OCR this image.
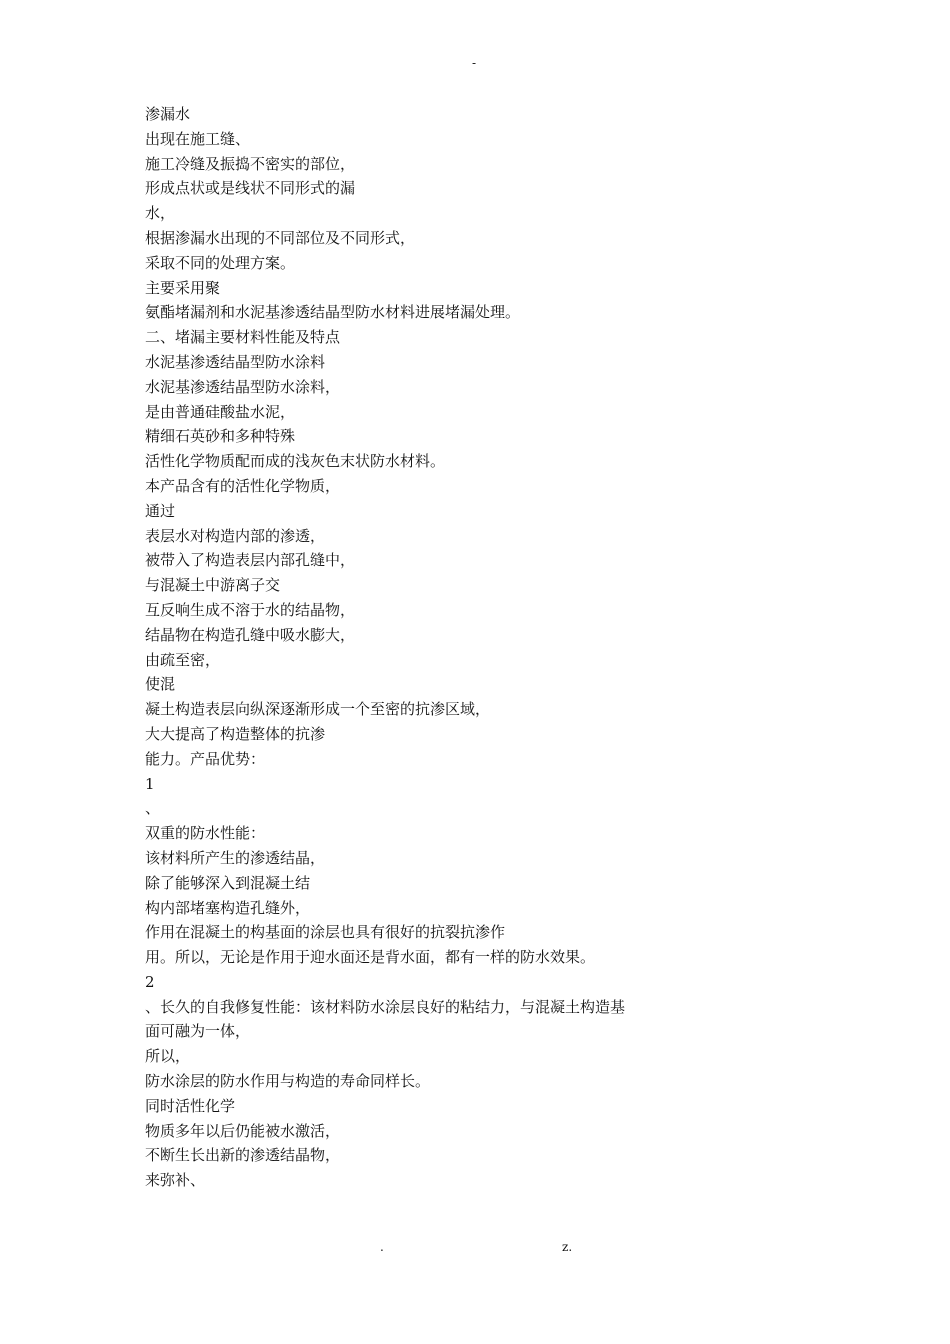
-
渗漏水
出现在施工缝、
施工冷缝及振捣不密实的部位，
形成点状或是线状不同形式的漏
水，
根据渗漏水出现的不同部位及不同形式，
采取不同的处理方案。
主要采用聚
氨酯堵漏剂和水泥基渗透结晶型防水材料进展堵漏处理。
二、堵漏主要材料性能及特点
水泥基渗透结晶型防水涂料
水泥基渗透结晶型防水涂料，
是由普通硅酸盐水泥，
精细石英砂和多种特殊
活性化学物质配而成的浅灰色末状防水材料。
本产品含有的活性化学物质，
通过
表层水对构造内部的渗透，
被带入了构造表层内部孔缝中，
与混凝土中游离子交
互反响生成不溶于水的结晶物，
结晶物在构造孔缝中吸水膨大，
由疏至密，
使混
凝土构造表层向纵深逐渐形成一个至密的抗渗区域，
大大提高了构造整体的抗渗
能力。产品优势：
1
、
双重的防水性能：
该材料所产生的渗透结晶，
除了能够深入到混凝土结
构内部堵塞构造孔缝外，
作用在混凝土的构基面的涂层也具有很好的抗裂抗渗作
用。所以，无论是作用于迎水面还是背水面，都有一样的防水效果。
2
、长久的自我修复性能：该材料防水涂层良好的粘结力，与混凝土构造基
面可融为一体，
所以，
防水涂层的防水作用与构造的寿命同样长。
同时活性化学
物质多年以后仍能被水激活，
不断生长出新的渗透结晶物，
来弥补、
.	z.
